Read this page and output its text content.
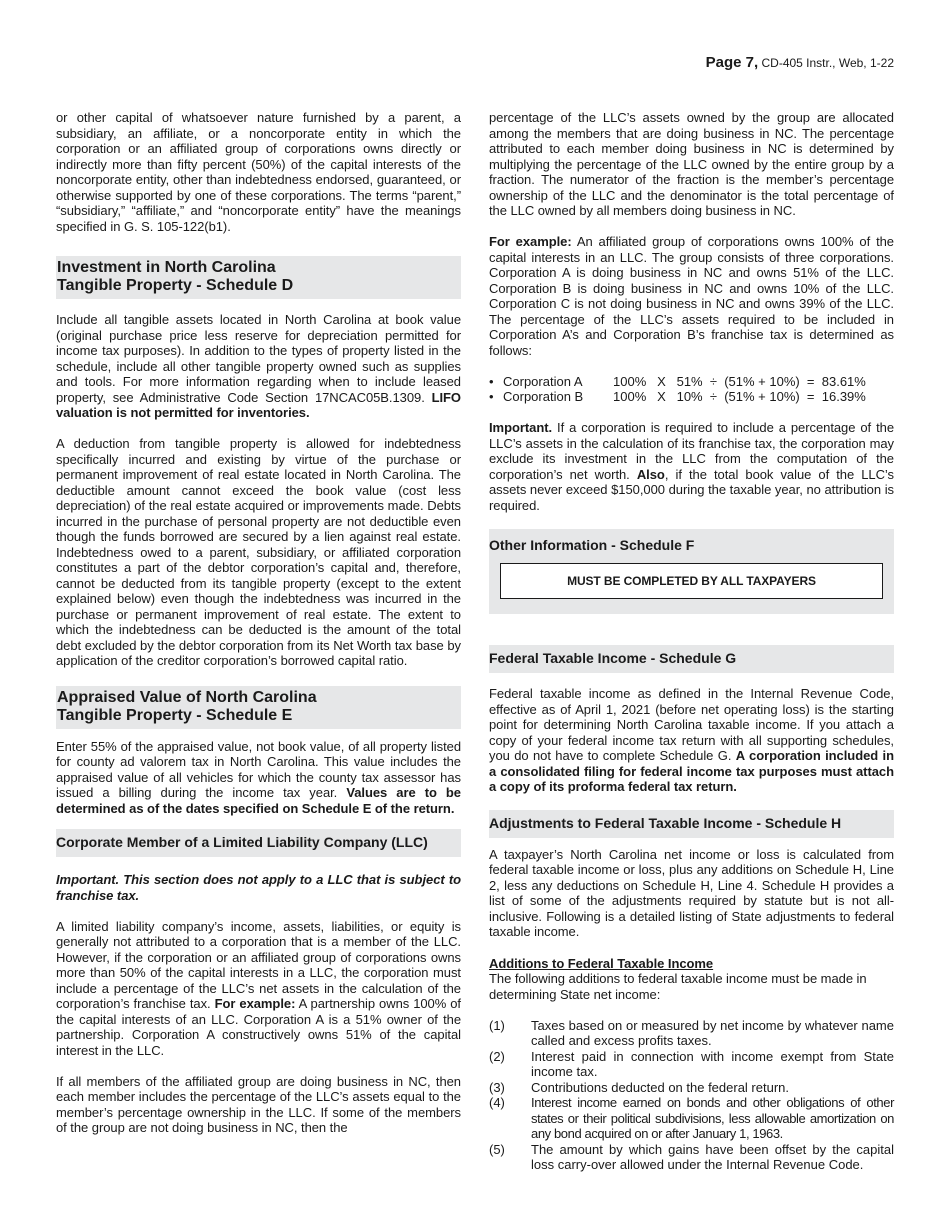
Page 7, CD-405 Instr., Web, 1-22

or other capital of whatsoever nature furnished by a parent, a subsidiary, an affiliate, or a noncorporate entity in which the corporation or an affiliated group of corporations owns directly or indirectly more than fifty percent (50%) of the capital interests of the noncorporate entity, other than indebtedness endorsed, guaranteed, or otherwise supported by one of these corporations. The terms “parent,” “subsidiary,” “affiliate,” and “noncorporate entity” have the meanings specified in G. S. 105-122(b1).

Investment in North Carolina
Tangible Property - Schedule D

Include all tangible assets located in North Carolina at book value (original purchase price less reserve for depreciation permitted for income tax purposes). In addition to the types of property listed in the schedule, include all other tangible property owned such as supplies and tools. For more information regarding when to include leased property, see Administrative Code Section 17NCAC05B.1309. LIFO valuation is not permitted for inventories.

A deduction from tangible property is allowed for indebtedness specifically incurred and existing by virtue of the purchase or permanent improvement of real estate located in North Carolina. The deductible amount cannot exceed the book value (cost less depreciation) of the real estate acquired or improvements made. Debts incurred in the purchase of personal property are not deductible even though the funds borrowed are secured by a lien against real estate. Indebtedness owed to a parent, subsidiary, or affiliated corporation constitutes a part of the debtor corporation’s capital and, therefore, cannot be deducted from its tangible property (except to the extent explained below) even though the indebtedness was incurred in the purchase or permanent improvement of real estate. The extent to which the indebtedness can be deducted is the amount of the total debt excluded by the debtor corporation from its Net Worth tax base by application of the creditor corporation’s borrowed capital ratio.

Appraised Value of North Carolina
Tangible Property - Schedule E

Enter 55% of the appraised value, not book value, of all property listed for county ad valorem tax in North Carolina. This value includes the appraised value of all vehicles for which the county tax assessor has issued a billing during the income tax year. Values are to be determined as of the dates specified on Schedule E of the return.

Corporate Member of a Limited Liability Company (LLC)

Important. This section does not apply to a LLC that is subject to franchise tax.

A limited liability company’s income, assets, liabilities, or equity is generally not attributed to a corporation that is a member of the LLC. However, if the corporation or an affiliated group of corporations owns more than 50% of the capital interests in a LLC, the corporation must include a percentage of the LLC’s net assets in the calculation of the corporation’s franchise tax. For example: A partnership owns 100% of the capital interests of an LLC. Corporation A is a 51% owner of the partnership. Corporation A constructively owns 51% of the capital interest in the LLC.

If all members of the affiliated group are doing business in NC, then each member includes the percentage of the LLC’s assets equal to the member’s percentage ownership in the LLC. If some of the members of the group are not doing business in NC, then the

percentage of the LLC’s assets owned by the group are allocated among the members that are doing business in NC. The percentage attributed to each member doing business in NC is determined by multiplying the percentage of the LLC owned by the entire group by a fraction. The numerator of the fraction is the member’s percentage ownership of the LLC and the denominator is the total percentage of the LLC owned by all members doing business in NC.

For example: An affiliated group of corporations owns 100% of the capital interests in an LLC. The group consists of three corporations. Corporation A is doing business in NC and owns 51% of the LLC. Corporation B is doing business in NC and owns 10% of the LLC. Corporation C is not doing business in NC and owns 39% of the LLC. The percentage of the LLC’s assets required to be included in Corporation A’s and Corporation B’s franchise tax is determined as follows:

• Corporation A	100%   X   51%  ÷  (51% + 10%)  =  83.61%
• Corporation B	100%   X   10%  ÷  (51% + 10%)  =  16.39%

Important. If a corporation is required to include a percentage of the LLC’s assets in the calculation of its franchise tax, the corporation may exclude its investment in the LLC from the computation of the corporation’s net worth. Also, if the total book value of the LLC’s assets never exceed $150,000 during the taxable year, no attribution is required.

Other Information - Schedule F
MUST BE COMPLETED BY ALL TAXPAYERS
Federal Taxable Income - Schedule G

Federal taxable income as defined in the Internal Revenue Code, effective as of April 1, 2021 (before net operating loss) is the starting point for determining North Carolina taxable income. If you attach a copy of your federal income tax return with all supporting schedules, you do not have to complete Schedule G. A corporation included in a consolidated filing for federal income tax purposes must attach a copy of its proforma federal tax return.

Adjustments to Federal Taxable Income - Schedule H

A taxpayer’s North Carolina net income or loss is calculated from federal taxable income or loss, plus any additions on Schedule H, Line 2, less any deductions on Schedule H, Line 4. Schedule H provides a list of some of the adjustments required by statute but is not all-inclusive. Following is a detailed listing of State adjustments to federal taxable income.

Additions to Federal Taxable Income
The following additions to federal taxable income must be made in determining State net income:

(1)	Taxes based on or measured by net income by whatever name called and excess profits taxes.
(2)	Interest paid in connection with income exempt from State income tax.
(3)	Contributions deducted on the federal return.
(4)	Interest income earned on bonds and other obligations of other states or their political subdivisions, less allowable amortization on any bond acquired on or after January 1, 1963.
(5)	The amount by which gains have been offset by the capital loss carry-over allowed under the Internal Revenue Code.
